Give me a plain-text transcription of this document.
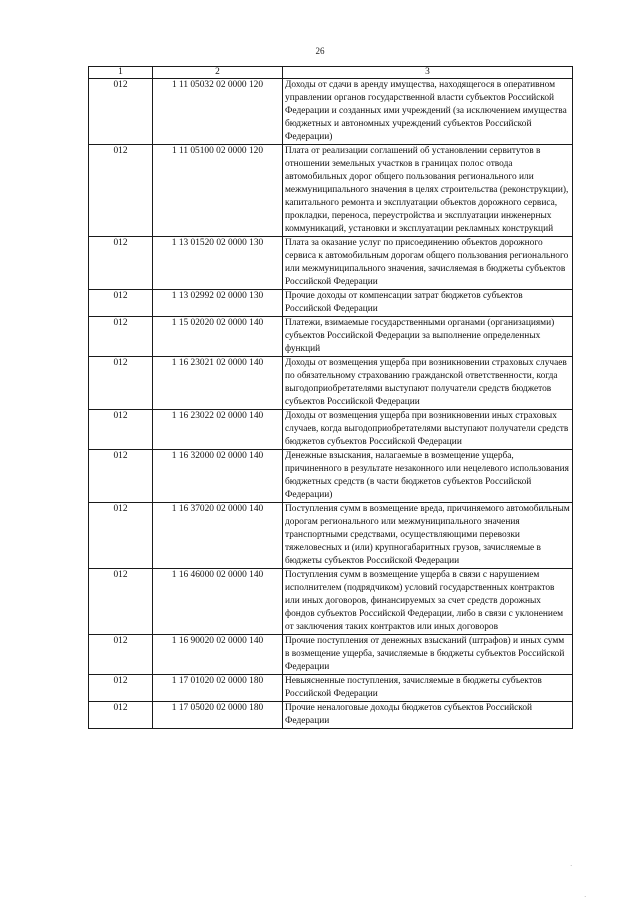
26
1	2	3
012	1 11 05032 02 0000 120	Доходы от сдачи в аренду имущества, находящегося в оперативном управлении органов государственной власти субъектов Российской Федерации и созданных ими учреждений (за исключением имущества бюджетных и автономных учреждений субъектов Российской Федерации)
012	1 11 05100 02 0000 120	Плата от реализации соглашений об установлении сервитутов в отношении земельных участков в границах полос отвода автомобильных дорог общего пользования регионального или межмуниципального значения в целях строительства (реконструкции), капитального ремонта и эксплуатации объектов дорожного сервиса, прокладки, переноса, переустройства и эксплуатации инженерных коммуникаций, установки и эксплуатации рекламных конструкций
012	1 13 01520 02 0000 130	Плата за оказание услуг по присоединению объектов дорожного сервиса к автомобильным дорогам общего пользования регионального или межмуниципального значения, зачисляемая в бюджеты субъектов Российской Федерации
012	1 13 02992 02 0000 130	Прочие доходы от компенсации затрат бюджетов субъектов Российской Федерации
012	1 15 02020 02 0000 140	Платежи, взимаемые государственными органами (организациями) субъектов Российской Федерации за выполнение определенных функций
012	1 16 23021 02 0000 140	Доходы от возмещения ущерба при возникновении страховых случаев по обязательному страхованию гражданской ответственности, когда выгодоприобретателями выступают получатели средств бюджетов субъектов Российской Федерации
012	1 16 23022 02 0000 140	Доходы от возмещения ущерба при возникновении иных страховых случаев, когда выгодоприобретателями выступают получатели средств бюджетов субъектов Российской Федерации
012	1 16 32000 02 0000 140	Денежные взыскания, налагаемые в возмещение ущерба, причиненного в результате незаконного или нецелевого использования бюджетных средств (в части бюджетов субъектов Российской Федерации)
012	1 16 37020 02 0000 140	Поступления сумм в возмещение вреда, причиняемого автомобильным дорогам регионального или межмуниципального значения транспортными средствами, осуществляющими перевозки тяжеловесных и (или) крупногабаритных грузов, зачисляемые в бюджеты субъектов Российской Федерации
012	1 16 46000 02 0000 140	Поступления сумм в возмещение ущерба в связи с нарушением исполнителем (подрядчиком) условий государственных контрактов или иных договоров, финансируемых за счет средств дорожных фондов субъектов Российской Федерации, либо в связи с уклонением от заключения таких контрактов или иных договоров
012	1 16 90020 02 0000 140	Прочие поступления от денежных взысканий (штрафов) и иных сумм в возмещение ущерба, зачисляемые в бюджеты субъектов Российской Федерации
012	1 17 01020 02 0000 180	Невыясненные поступления, зачисляемые в бюджеты субъектов Российской Федерации
012	1 17 05020 02 0000 180	Прочие неналоговые доходы бюджетов субъектов Российской Федерации
·
·
